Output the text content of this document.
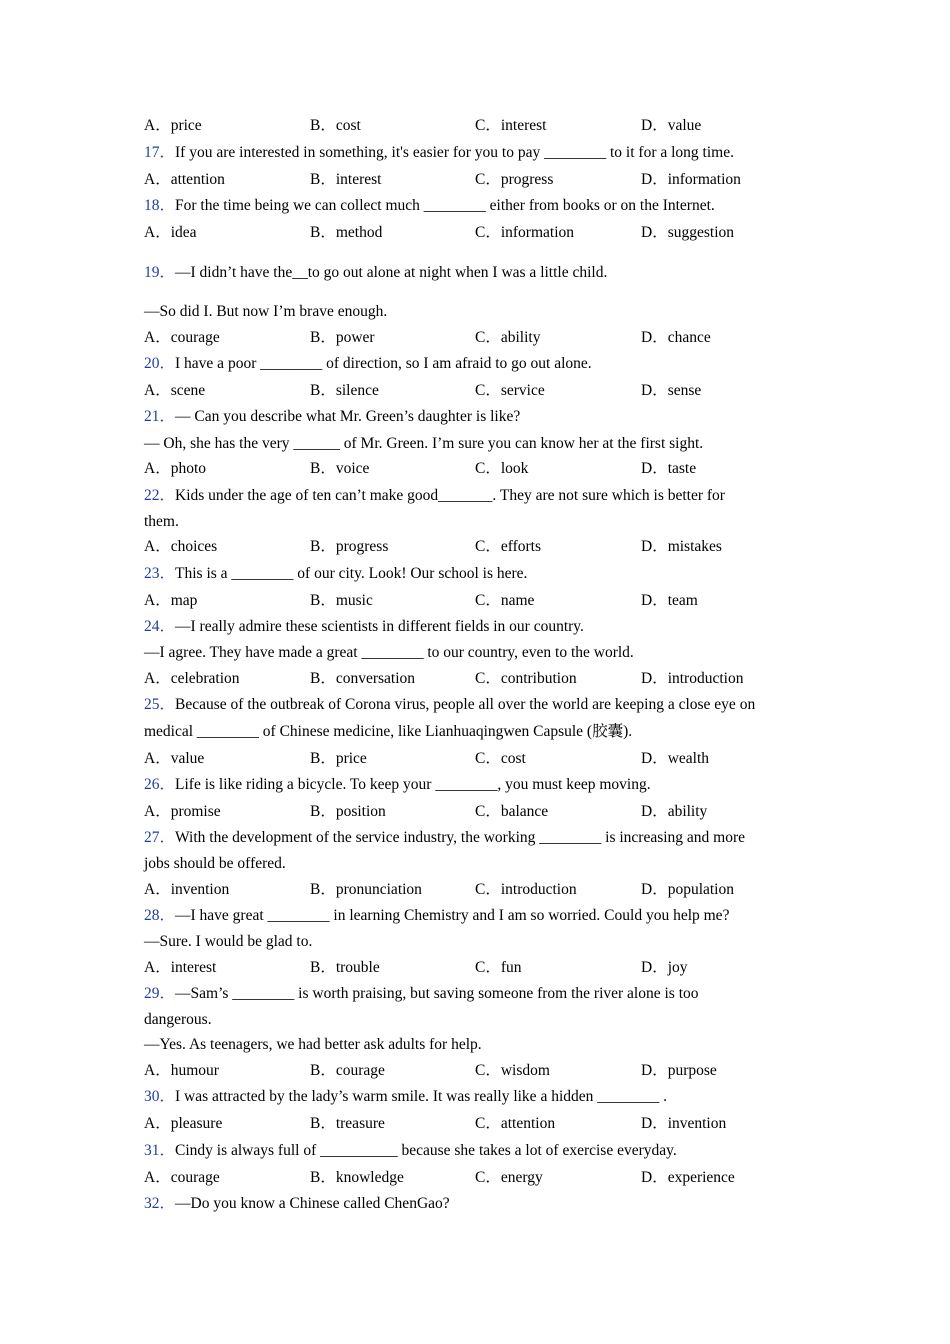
A．price	B．cost	C．interest	D．value
17．If you are interested in something, it's easier for you to pay ________ to it for a long time.
A．attention	B．interest	C．progress	D．information
18．For the time being we can collect much ________ either from books or on the Internet.
A．idea	B．method	C．information	D．suggestion
19．—I didn’t have the__to go out alone at night when I was a little child.
—So did I. But now I’m brave enough.
A．courage	B．power	C．ability	D．chance
20．I have a poor ________ of direction, so I am afraid to go out alone.
A．scene	B．silence	C．service	D．sense
21．— Can you describe what Mr. Green’s daughter is like?
— Oh, she has the very ______ of Mr. Green. I’m sure you can know her at the first sight.
A．photo	B．voice	C．look	D．taste
22．Kids under the age of ten can’t make good_______. They are not sure which is better for
them.
A．choices	B．progress	C．efforts	D．mistakes
23．This is a ________ of our city. Look! Our school is here.
A．map	B．music	C．name	D．team
24．—I really admire these scientists in different fields in our country.
—I agree. They have made a great ________ to our country, even to the world.
A．celebration	B．conversation	C．contribution	D．introduction
25．Because of the outbreak of Corona virus, people all over the world are keeping a close eye on
medical ________ of Chinese medicine, like Lianhuaqingwen Capsule (胶囊).
A．value	B．price	C．cost	D．wealth
26．Life is like riding a bicycle. To keep your ________, you must keep moving.
A．promise	B．position	C．balance	D．ability
27．With the development of the service industry, the working ________ is increasing and more
jobs should be offered.
A．invention	B．pronunciation	C．introduction	D．population
28．—I have great ________ in learning Chemistry and I am so worried. Could you help me?
—Sure. I would be glad to.
A．interest	B．trouble	C．fun	D．joy
29．—Sam’s ________ is worth praising, but saving someone from the river alone is too
dangerous.
—Yes. As teenagers, we had better ask adults for help.
A．humour	B．courage	C．wisdom	D．purpose
30．I was attracted by the lady’s warm smile. It was really like a hidden ________ .
A．pleasure	B．treasure	C．attention	D．invention
31．Cindy is always full of __________ because she takes a lot of exercise everyday.
A．courage	B．knowledge	C．energy	D．experience
32．—Do you know a Chinese called ChenGao?
